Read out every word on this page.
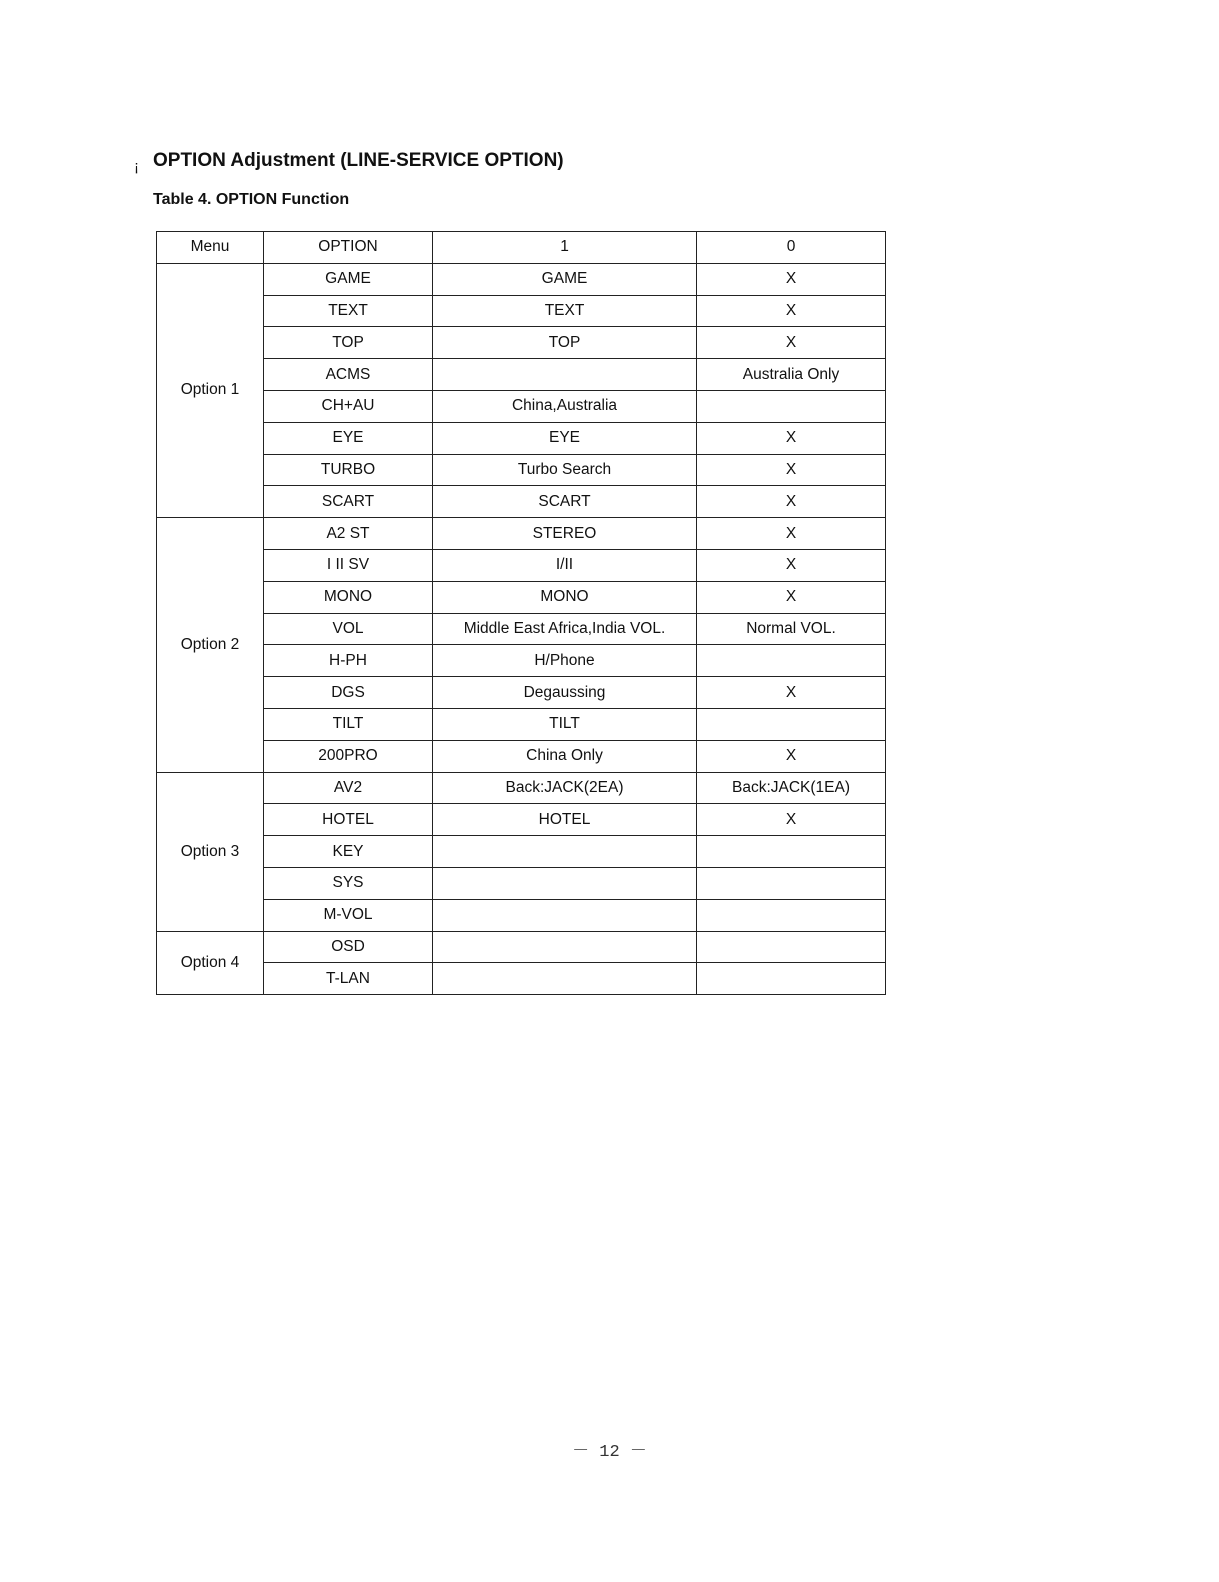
¡ OPTION Adjustment (LINE-SERVICE OPTION)
Table 4. OPTION Function
Menu	OPTION	1	0
Option 1	GAME	GAME	X
	TEXT	TEXT	X
	TOP	TOP	X
	ACMS		Australia Only
	CH+AU	China,Australia	
	EYE	EYE	X
	TURBO	Turbo Search	X
	SCART	SCART	X
Option 2	A2 ST	STEREO	X
	I II SV	I/II	X
	MONO	MONO	X
	VOL	Middle East Africa,India VOL.	Normal VOL.
	H-PH	H/Phone	
	DGS	Degaussing	X
	TILT	TILT	
	200PRO	China Only	X
Option 3	AV2	Back:JACK(2EA)	Back:JACK(1EA)
	HOTEL	HOTEL	X
	KEY		
	SYS		
	M-VOL		
Option 4	OSD		
	T-LAN		
－ 12 －
